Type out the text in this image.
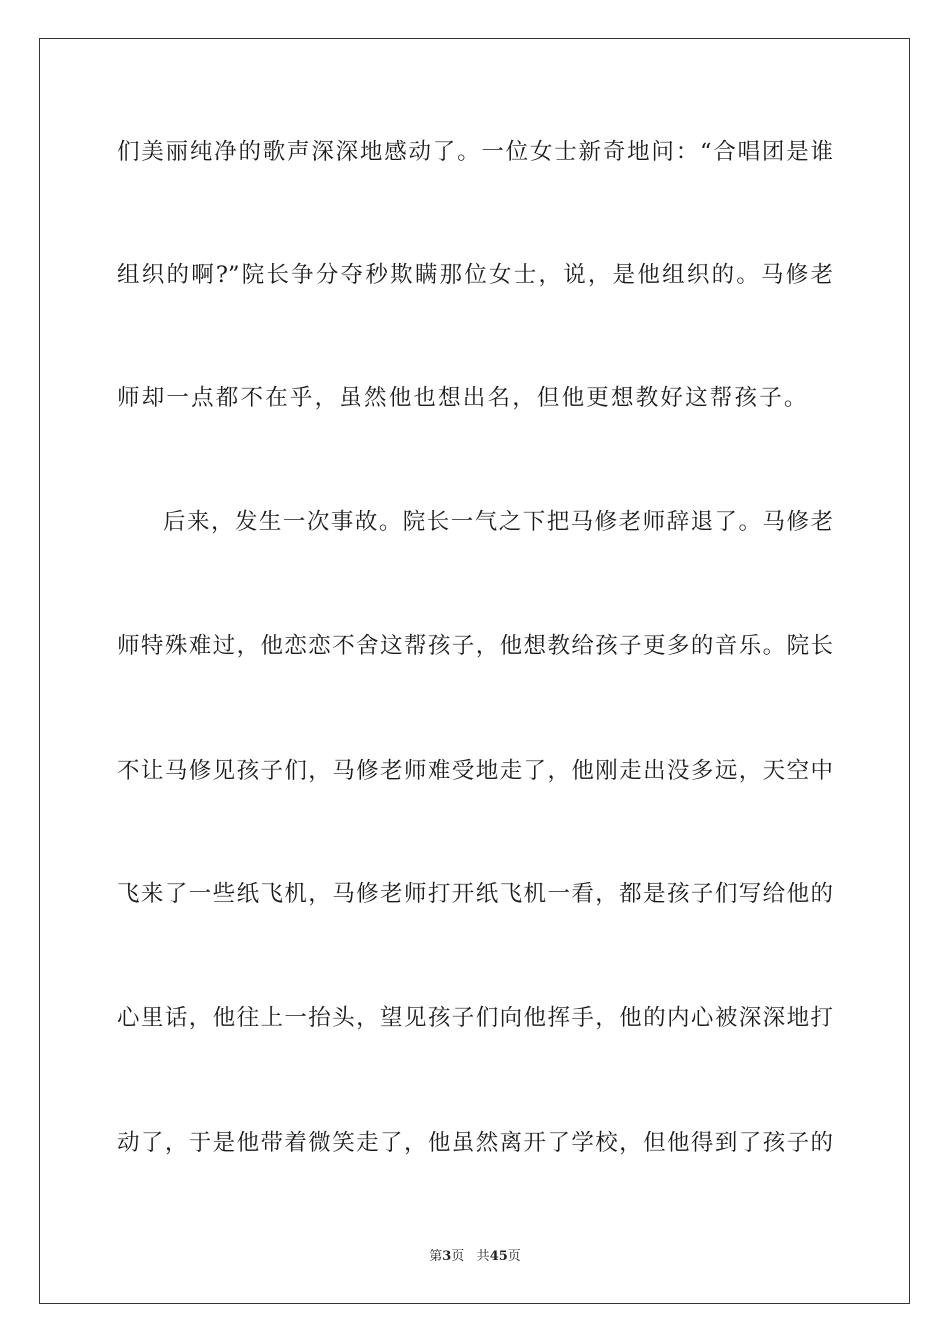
们美丽纯净的歌声深深地感动了。一位女士新奇地问：“合唱团是谁
组织的啊?”院长争分夺秒欺瞒那位女士，说，是他组织的。马修老
师却一点都不在乎，虽然他也想出名，但他更想教好这帮孩子。
后来，发生一次事故。院长一气之下把马修老师辞退了。马修老
师特殊难过，他恋恋不舍这帮孩子，他想教给孩子更多的音乐。院长
不让马修见孩子们，马修老师难受地走了，他刚走出没多远，天空中
飞来了一些纸飞机，马修老师打开纸飞机一看，都是孩子们写给他的
心里话，他往上一抬头，望见孩子们向他挥手，他的内心被深深地打
动了，于是他带着微笑走了，他虽然离开了学校，但他得到了孩子的
第3页 共45页
